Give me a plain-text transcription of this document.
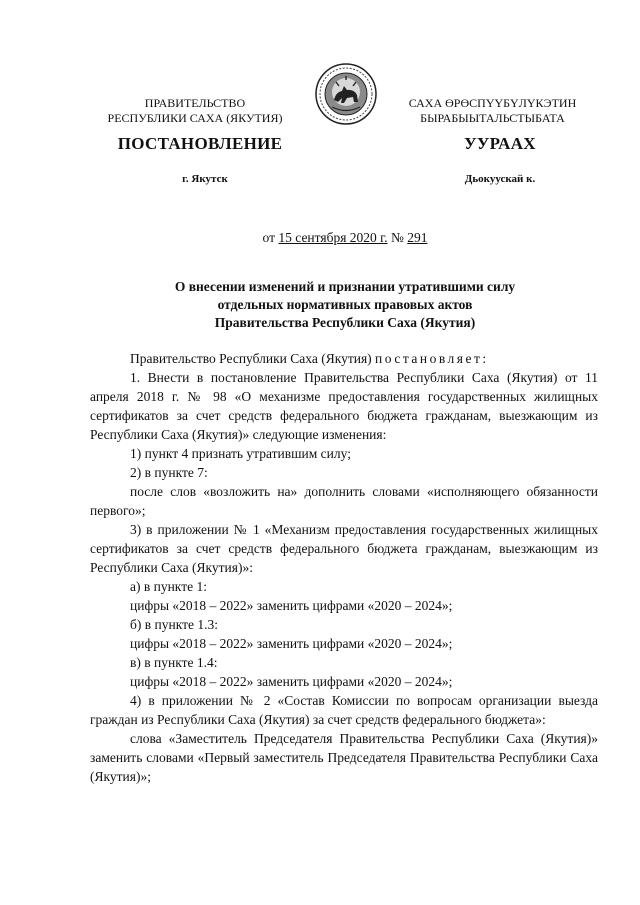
ПРАВИТЕЛЬСТВО
РЕСПУБЛИКИ САХА (ЯКУТИЯ)
САХА ӨРӨСПҮҮБҮЛҮКЭТИН
БЫРАБЫЫТАЛЬСТЫБАТА
ПОСТАНОВЛЕНИЕ	УУРААХ
г. Якутск	Дьокуускай к.
от 15 сентября 2020 г. № 291
О внесении изменений и признании утратившими силу
отдельных нормативных правовых актов
Правительства Республики Саха (Якутия)

Правительство Республики Саха (Якутия) постановляет:

1. Внести в постановление Правительства Республики Саха (Якутия) от 11 апреля 2018 г. № 98 «О механизме предоставления государственных жилищных сертификатов за счет средств федерального бюджета гражданам, выезжающим из Республики Саха (Якутия)» следующие изменения:

1) пункт 4 признать утратившим силу;

2) в пункте 7:

после слов «возложить на» дополнить словами «исполняющего обязанности первого»;

3) в приложении № 1 «Механизм предоставления государственных жилищных сертификатов за счет средств федерального бюджета гражданам, выезжающим из Республики Саха (Якутия)»:

а) в пункте 1:

цифры «2018 – 2022» заменить цифрами «2020 – 2024»;

б) в пункте 1.3:

цифры «2018 – 2022» заменить цифрами «2020 – 2024»;

в) в пункте 1.4:

цифры «2018 – 2022» заменить цифрами «2020 – 2024»;

4) в приложении № 2 «Состав Комиссии по вопросам организации выезда граждан из Республики Саха (Якутия) за счет средств федерального бюджета»:

слова «Заместитель Председателя Правительства Республики Саха (Якутия)» заменить словами «Первый заместитель Председателя Правительства Республики Саха (Якутия)»;
